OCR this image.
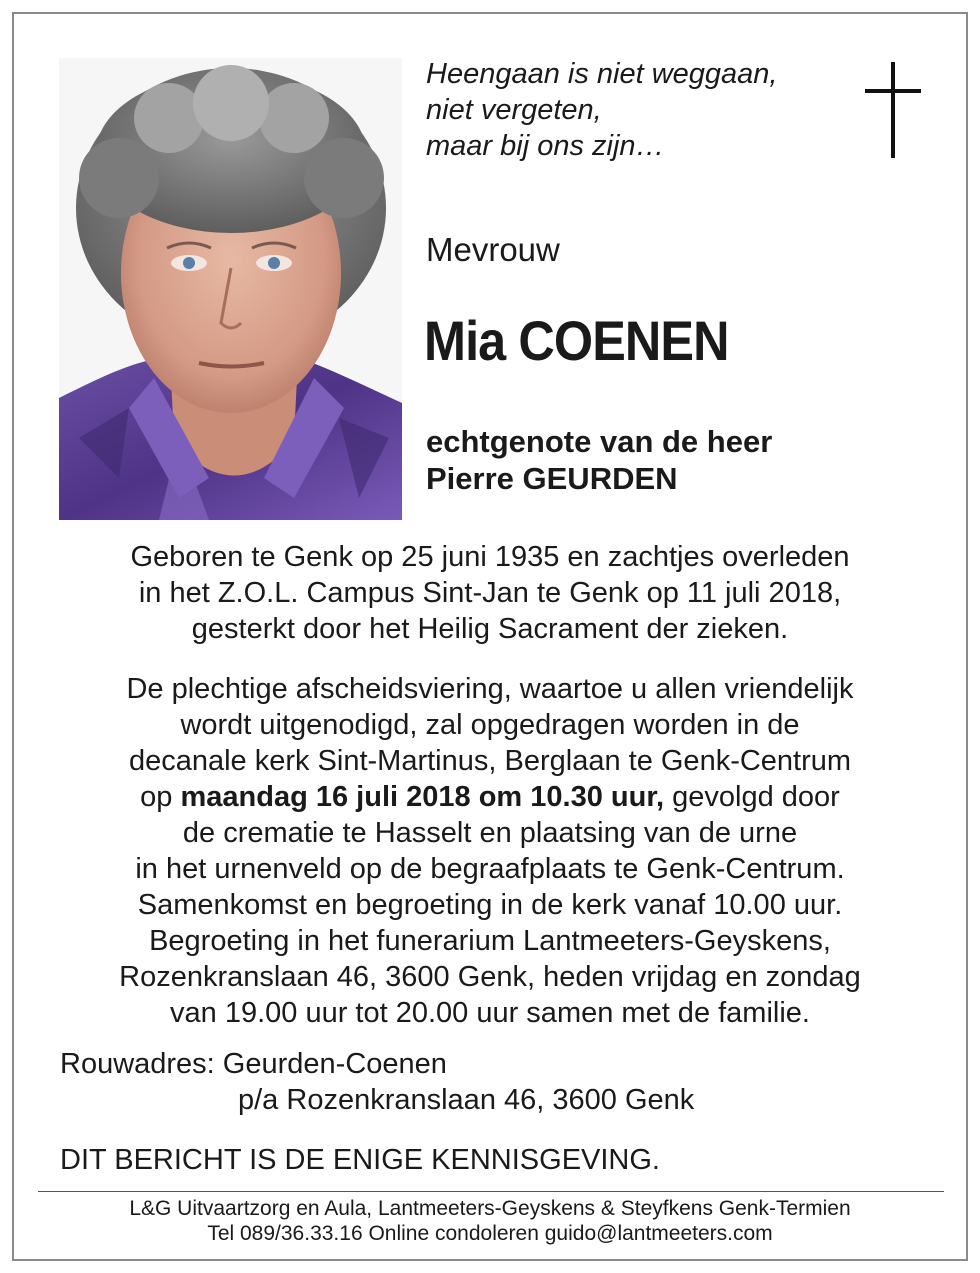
Heengaan is niet weggaan,
niet vergeten,
maar bij ons zijn…
Mevrouw
Mia COENEN
echtgenote van de heer
Pierre GEURDEN
Geboren te Genk op 25 juni 1935 en zachtjes overleden
in het Z.O.L. Campus Sint-Jan te Genk op 11 juli 2018,
gesterkt door het Heilig Sacrament der zieken.
De plechtige afscheidsviering, waartoe u allen vriendelijk
wordt uitgenodigd, zal opgedragen worden in de
decanale kerk Sint-Martinus, Berglaan te Genk-Centrum
op maandag 16 juli 2018 om 10.30 uur, gevolgd door
de crematie te Hasselt en plaatsing van de urne
in het urnenveld op de begraafplaats te Genk-Centrum.
Samenkomst en begroeting in de kerk vanaf 10.00 uur.
Begroeting in het funerarium Lantmeeters-Geyskens,
Rozenkranslaan 46, 3600 Genk, heden vrijdag en zondag
van 19.00 uur tot 20.00 uur samen met de familie.
Rouwadres: Geurden-Coenen
p/a Rozenkranslaan 46, 3600 Genk
DIT BERICHT IS DE ENIGE KENNISGEVING.
L&G Uitvaartzorg en Aula, Lantmeeters-Geyskens & Steyfkens Genk-Termien
Tel 089/36.33.16 Online condoleren guido@lantmeeters.com
